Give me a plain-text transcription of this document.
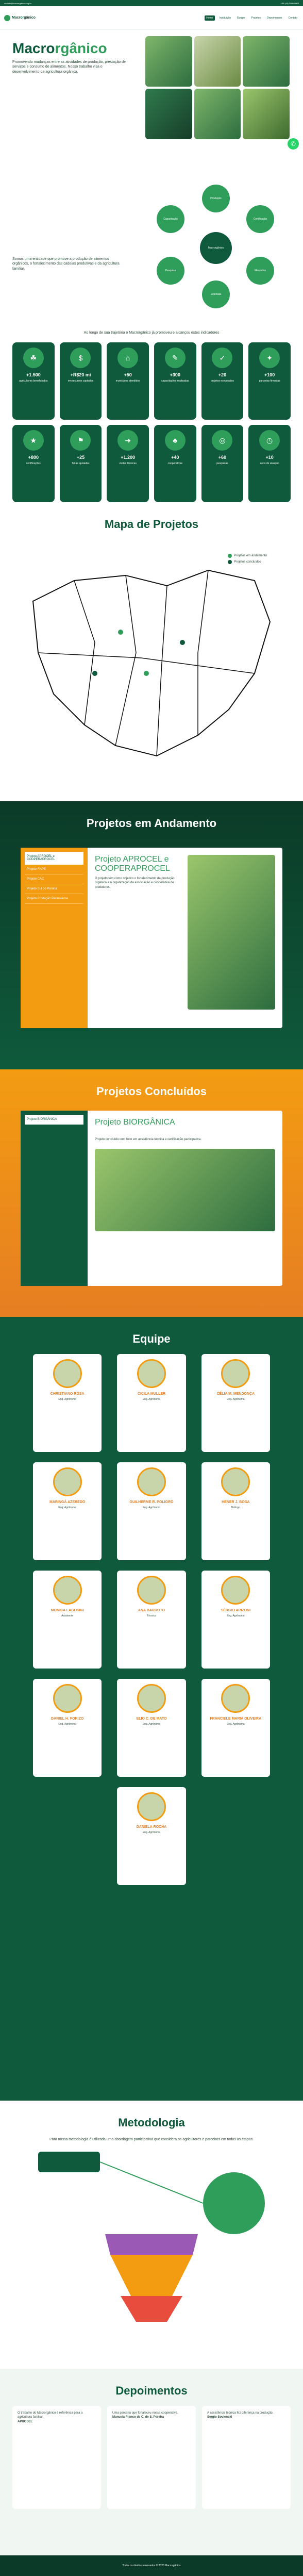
contato@macrorganico.org.br	+55 (44) 3099-0000
Macrorgânico	Home	Instituição	Equipe	Projetos	Depoimentos	Contato
Macrorgânico

Promovendo mudanças entre as atividades de produção, prestação de serviços e consumo de alimentos. Nosso trabalho visa o desenvolvimento da agricultura orgânica.

✆

Somos uma entidade que promove a produção de alimentos orgânicos, o fortalecimento das cadeias produtivas e da agricultura familiar.

Macrorgânico
Produção
Certificação
Mercados
Extensão
Pesquisa
Capacitação
Ao longo de sua trajetória o Macrorgânico já promoveu e alcançou estes indicadores
☘
+1.500
agricultores beneficiados
$
+R$20 mi
em recursos captados
⌂
+50
municípios atendidos
✎
+300
capacitações realizadas
✓
+20
projetos executados
✦
+100
parcerias firmadas
★
+800
certificações
⚑
+25
feiras apoiadas
➜
+1.200
visitas técnicas
♣
+40
cooperativas
◎
+60
pesquisas
◷
+10
anos de atuação
Mapa de Projetos
Projetos em andamento
Projetos concluídos
Projetos em Andamento
Projeto APROCEL e COOPERAPROCEL
Projeto RAPE
Projeto CAC
Projeto Sul do Paraná
Projeto Produção Paranaense
Projeto APROCEL e COOPERAPROCEL

O projeto tem como objetivo o fortalecimento da produção orgânica e a organização da associação e cooperativa de produtores.

Projetos Concluídos
Projeto BIORGÂNICA	Projeto BIORGÂNICA

Projeto concluído com foco em assistência técnica e certificação participativa.

Equipe
CHRISTIANO ROSA
Eng. Agrônomo
CICILA MULLER
Eng. Agrônoma
CÉLIA M. MENDONÇA
Eng. Agrônoma
MARINGÁ AZEREDO
Eng. Agrônoma
GUILHERME R. POLIGRO
Eng. Agrônomo
HENER J. BOSA
Biólogo
MONICA LAGOSINI
Assistente
ANA BARROTO
Técnica
SÉRGIO ARIZONI
Eng. Agrônomo
DANIEL H. FORIZO
Eng. Agrônomo
ELIO C. DE MATO
Eng. Agrônomo
FRANCIELE MARIA OLIVEIRA
Eng. Agrônoma
DANIELA ROCHA
Eng. Agrônoma
Metodologia

Para nossa metodologia é utilizada uma abordagem participativa que considera os agricultores e parceiros em todas as etapas.

Depoimentos

O trabalho do Macrorgânico é referência para a agricultura familiar.

APROSEL

Uma parceria que fortaleceu nossa cooperativa.

Manuela Franco de C. de S. Pereira

A assistência técnica fez diferença na produção.

Sergio Sovienski
Todos os direitos reservados © 2023 Macrorgânico
